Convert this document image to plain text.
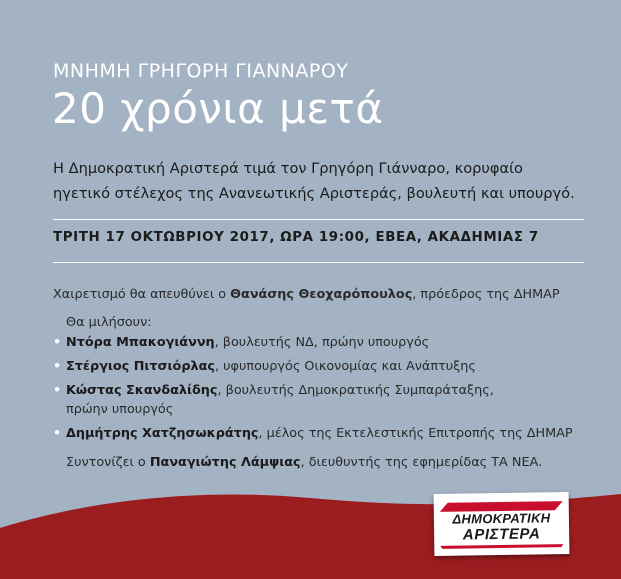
ΜΝΗΜΗ ΓΡΗΓΟΡΗ ΓΙΑΝΝΑΡΟΥ
20 χρόνια μετά
Η Δημοκρατική Αριστερά τιμά τον Γρηγόρη Γιάνναρο, κορυφαίο
ηγετικό στέλεχος της Ανανεωτικής Αριστεράς, βουλευτή και υπουργό.
ΤΡΙΤΗ 17 ΟΚΤΩΒΡΙΟΥ 2017, ΩΡΑ 19:00, ΕΒΕΑ, ΑΚΑΔΗΜΙΑΣ 7
Χαιρετισμό θα απευθύνει ο Θανάσης Θεοχαρόπουλος, πρόεδρος της ΔΗΜΑΡ
Θα μιλήσουν:
• Ντόρα Μπακογιάννη, βουλευτής ΝΔ, πρώην υπουργός
• Στέργιος Πιτσιόρλας, υφυπουργός Οικονομίας και Ανάπτυξης
• Κώστας Σκανδαλίδης, βουλευτής Δημοκρατικής Συμπαράταξης,
πρώην υπουργός
• Δημήτρης Χατζησωκράτης, μέλος της Εκτελεστικής Επιτροπής της ΔΗΜΑΡ
Συντονίζει ο Παναγιώτης Λάμψιας, διευθυντής της εφημερίδας ΤΑ ΝΕΑ.
ΔΗΜΟΚΡΑΤΙΚΗ
ΑΡΙΣΤΕΡΑ
